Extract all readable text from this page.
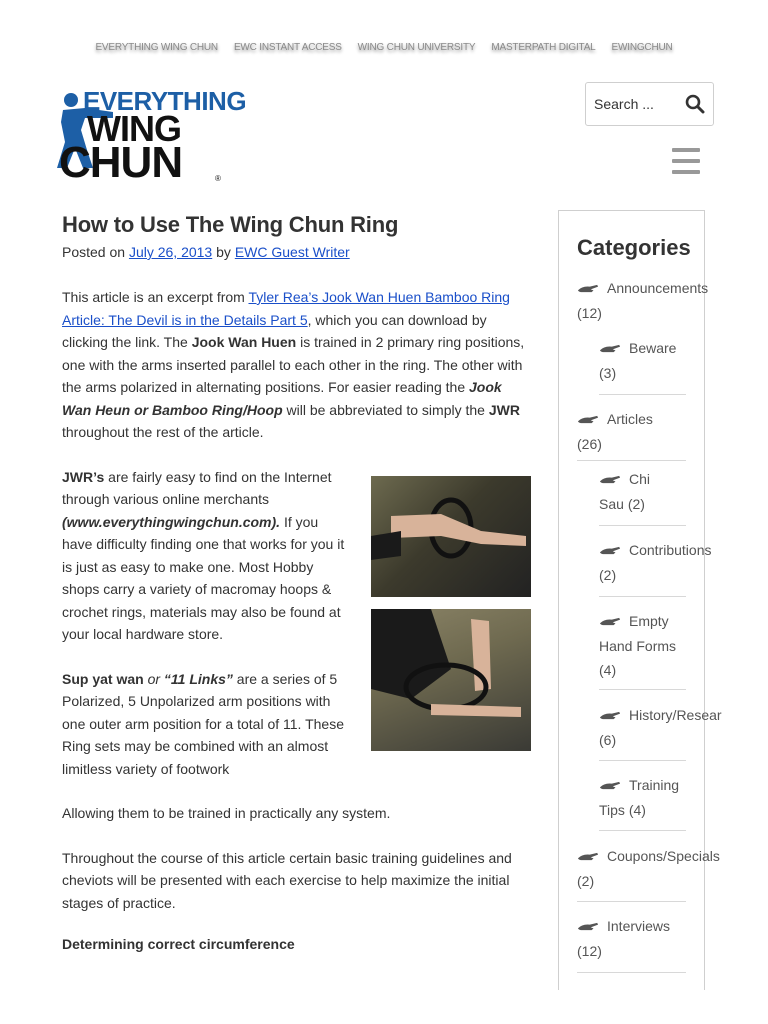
EVERYTHING WING CHUN EWC INSTANT ACCESS WING CHUN UNIVERSITY MASTERPATH DIGITAL EWINGCHUN
EVERYTHING
WING
CHUN	®
Search ...
How to Use The Wing Chun Ring
Posted on July 26, 2013 by EWC Guest Writer

This article is an excerpt from Tyler Rea’s Jook Wan Huen Bamboo Ring Article: The Devil is in the Details Part 5, which you can download by clicking the link. The Jook Wan Huen is trained in 2 primary ring positions, one with the arms inserted parallel to each other in the ring. The other with the arms polarized in alternating positions. For easier reading the Jook Wan Heun or Bamboo Ring/Hoop will be abbreviated to simply the JWR throughout the rest of the article.

JWR’s are fairly easy to find on the Internet through various online merchants (www.everythingwingchun.com). If you have difficulty finding one that works for you it is just as easy to make one. Most Hobby shops carry a variety of macromay hoops & crochet rings, materials may also be found at your local hardware store.

Sup yat wan or “11 Links” are a series of 5 Polarized, 5 Unpolarized arm positions with one outer arm position for a total of 11. These Ring sets may be combined with an almost limitless variety of footwork

Allowing them to be trained in practically any system.

Throughout the course of this article certain basic training guidelines and cheviots will be presented with each exercise to help maximize the initial stages of practice.

Determining correct circumference

Categories
Announcements
(12)
Beware
(3)
Articles
(26)
Chi
Sau (2)
Contributions
(2)
Empty
Hand Forms
(4)
History/Resear
(6)
Training
Tips (4)
Coupons/Specials
(2)
Interviews
(12)
